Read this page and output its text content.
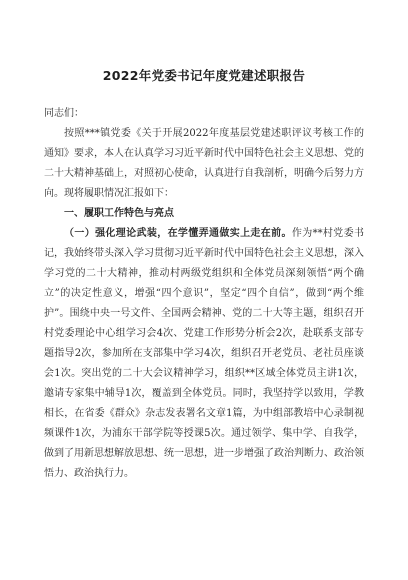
2022年党委书记年度党建述职报告

同志们：

按照***镇党委《关于开展2022年度基层党建述职评议考核工作的通知》要求，本人在认真学习习近平新时代中国特色社会主义思想、党的二十大精神基础上，对照初心使命，认真进行自我剖析，明确今后努力方向。现将履职情况汇报如下：

一、履职工作特色与亮点

（一）强化理论武装，在学懂弄通做实上走在前。作为**村党委书记，我始终带头深入学习贯彻习近平新时代中国特色社会主义思想，深入学习党的二十大精神，推动村两级党组织和全体党员深刻领悟“两个确立”的决定性意义，增强“四个意识”，坚定“四个自信”，做到“两个维护”。围绕中央一号文件、全国两会精神、党的二十大等主题，组织召开村党委理论中心组学习会4次、党建工作形势分析会2次，赴联系支部专题指导2次，参加所在支部集中学习4次，组织召开老党员、老社员座谈会1次。突出党的二十大会议精神学习，组织**区域全体党员主讲1次，邀请专家集中辅导1次，覆盖到全体党员。同时，我坚持学以致用，学教相长，在省委《群众》杂志发表署名文章1篇，为中组部教培中心录制视频课件1次，为浦东干部学院等授课5次。通过领学、集中学、自我学，做到了用新思想解放思想、统一思想，进一步增强了政治判断力、政治领悟力、政治执行力。
